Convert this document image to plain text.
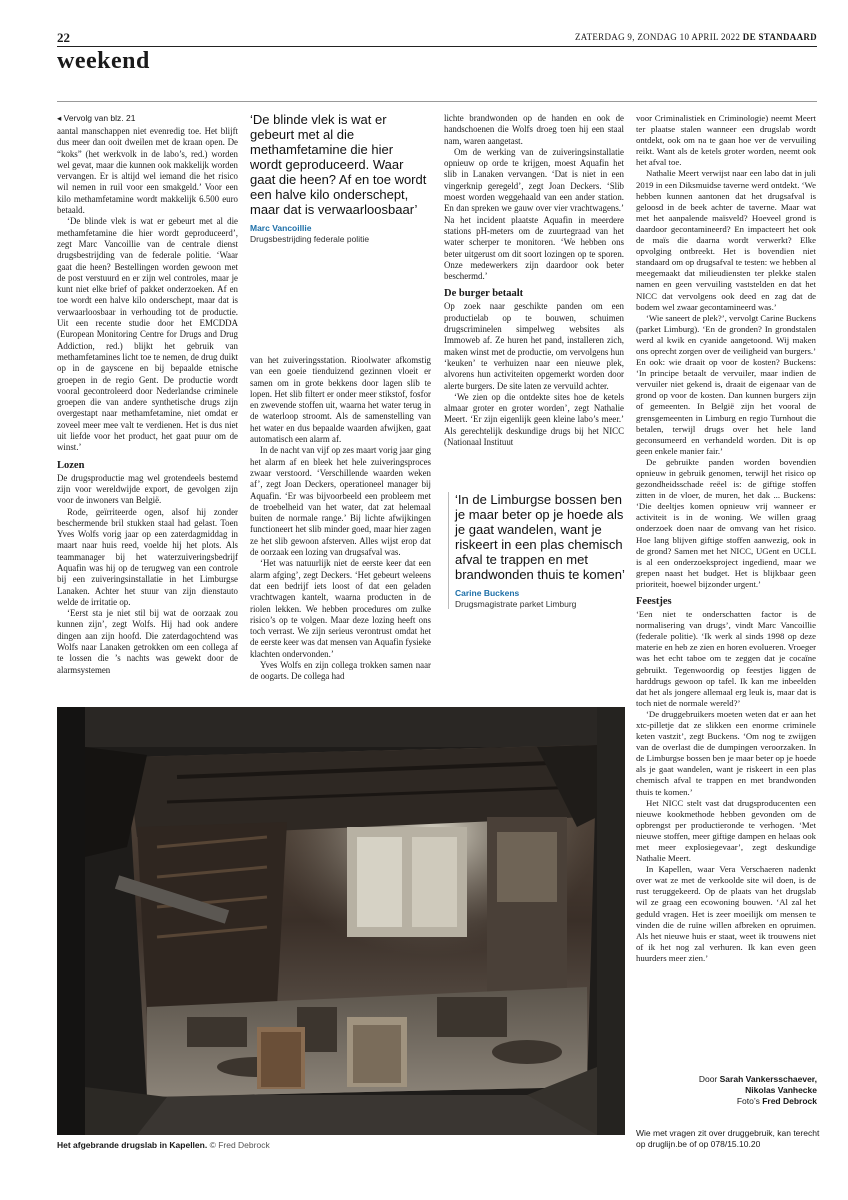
22	ZATERDAG 9, ZONDAG 10 APRIL 2022 DE STANDAARD
weekend

◂ Vervolg van blz. 21

aantal manschappen niet evenredig toe. Het blijft dus meer dan ooit dweilen met de kraan open. De “koks” (het werkvolk in de labo’s, red.) worden wel gevat, maar die kunnen ook makkelijk worden vervangen. Er is altijd wel iemand die het risico wil nemen in ruil voor een smakgeld.’ Voor een kilo methamfetamine wordt makkelijk 6.500 euro betaald.

‘De blinde vlek is wat er gebeurt met al die methamfetamine die hier wordt geproduceerd’, zegt Marc Vancoillie van de centrale dienst drugsbestrijding van de federale politie. ‘Waar gaat die heen? Bestellingen worden gewoon met de post verstuurd en er zijn wel controles, maar je kunt niet elke brief of pakket onderzoeken. Af en toe wordt een halve kilo onderschept, maar dat is verwaarloosbaar in verhouding tot de productie. Uit een recente studie door het EMCDDA (European Monitoring Centre for Drugs and Drug Addiction, red.) blijkt het gebruik van methamfetamines licht toe te nemen, de drug duikt op in de gayscene en bij bepaalde etnische groepen in de regio Gent. De productie wordt vooral gecontroleerd door Nederlandse criminele groepen die van andere synthetische drugs zijn overgestapt naar methamfetamine, niet omdat er zoveel meer mee valt te verdienen. Het is dus niet uit liefde voor het product, het gaat puur om de winst.’

Lozen

De drugsproductie mag wel grotendeels bestemd zijn voor wereldwijde export, de gevolgen zijn voor de inwoners van België.

Rode, geïrriteerde ogen, alsof hij zonder beschermende bril stukken staal had gelast. Toen Yves Wolfs vorig jaar op een zaterdagmiddag in maart naar huis reed, voelde hij het plots. Als teammanager bij het waterzuiveringsbedrijf Aquafin was hij op de terugweg van een controle bij een zuiveringsinstallatie in het Limburgse Lanaken. Achter het stuur van zijn dienstauto welde de irritatie op.

‘Eerst sta je niet stil bij wat de oorzaak zou kunnen zijn’, zegt Wolfs. Hij had ook andere dingen aan zijn hoofd. Die zaterdagochtend was Wolfs naar Lanaken getrokken om een collega af te lossen die ’s nachts was gewekt door de alarmsystemen

‘De blinde vlek is wat er gebeurt met al die methamfetamine die hier wordt geproduceerd. Waar gaat die heen? Af en toe wordt een halve kilo onderschept, maar dat is verwaarloosbaar’
Marc Vancoillie
Drugsbestrijding federale politie

van het zuiveringsstation. Rioolwater afkomstig van een goeie tienduizend gezinnen vloeit er samen om in grote bekkens door lagen slib te lopen. Het slib filtert er onder meer stikstof, fosfor en zwevende stoffen uit, waarna het water terug in de waterloop stroomt. Als de samenstelling van het water en dus bepaalde waarden afwijken, gaat automatisch een alarm af.

In de nacht van vijf op zes maart vorig jaar ging het alarm af en bleek het hele zuiveringsproces zwaar verstoord. ‘Verschillende waarden weken af’, zegt Joan Deckers, operationeel manager bij Aquafin. ‘Er was bijvoorbeeld een probleem met de troebelheid van het water, dat zat helemaal buiten de normale range.’ Bij lichte afwijkingen functioneert het slib minder goed, maar hier zagen ze het slib gewoon afsterven. Alles wijst erop dat de oorzaak een lozing van drugsafval was.

‘Het was natuurlijk niet de eerste keer dat een alarm afging’, zegt Deckers. ‘Het gebeurt weleens dat een bedrijf iets loost of dat een geladen vrachtwagen kantelt, waarna producten in de riolen lekken. We hebben procedures om zulke risico’s op te volgen. Maar deze lozing heeft ons toch verrast. We zijn serieus verontrust omdat het de eerste keer was dat mensen van Aquafin fysieke klachten ondervonden.’

Yves Wolfs en zijn collega trokken samen naar de oogarts. De collega had

lichte brandwonden op de handen en ook de handschoenen die Wolfs droeg toen hij een staal nam, waren aangetast.

Om de werking van de zuiveringsinstallatie opnieuw op orde te krijgen, moest Aquafin het slib in Lanaken vervangen. ‘Dat is niet in een vingerknip geregeld’, zegt Joan Deckers. ‘Slib moest worden weggehaald van een ander station. En dan spreken we gauw over vier vrachtwagens.’ Na het incident plaatste Aquafin in meerdere stations pH-meters om de zuurtegraad van het water scherper te monitoren. ‘We hebben ons beter uitgerust om dit soort lozingen op te sporen. Onze medewerkers zijn daardoor ook beter beschermd.’

De burger betaalt

Op zoek naar geschikte panden om een productielab op te bouwen, schuimen drugscriminelen simpelweg websites als Immoweb af. Ze huren het pand, installeren zich, maken winst met de productie, om vervolgens hun ‘keuken’ te verhuizen naar een nieuwe plek, alvorens hun activiteiten opgemerkt worden door alerte burgers. De site laten ze vervuild achter.

‘We zien op die ontdekte sites hoe de ketels almaar groter en groter worden’, zegt Nathalie Meert. ‘Er zijn eigenlijk geen kleine labo’s meer.’ Als gerechtelijk deskundige drugs bij het NICC (Nationaal Instituut

‘In de Limburgse bossen ben je maar beter op je hoede als je gaat wandelen, want je riskeert in een plas chemisch afval te trappen en met brandwonden thuis te komen’
Carine Buckens
Drugsmagistrate parket Limburg

voor Criminalistiek en Criminologie) neemt Meert ter plaatse stalen wanneer een drugslab wordt ontdekt, ook om na te gaan hoe ver de vervuiling reikt. Want als de ketels groter worden, neemt ook het afval toe.

Nathalie Meert verwijst naar een labo dat in juli 2019 in een Diksmuidse taverne werd ontdekt. ‘We hebben kunnen aantonen dat het drugsafval is geloosd in de beek achter de taverne. Maar wat met het aanpalende maïsveld? Hoeveel grond is daardoor gecontamineerd? En impacteert het ook de maïs die daarna wordt verwerkt? Elke opvolging ontbreekt. Het is bovendien niet standaard om op drugsafval te testen: we hebben al meegemaakt dat milieudiensten ter plekke stalen namen en geen vervuiling vaststelden en dat het NICC dat vervolgens ook deed en zag dat de bodem wel zwaar gecontamineerd was.’

‘Wie saneert de plek?’, vervolgt Carine Buckens (parket Limburg). ‘En de gronden? In grondstalen werd al kwik en cyanide aangetoond. Wij maken ons oprecht zorgen over de veiligheid van burgers.’ En ook: wie draait op voor de kosten? Buckens: ‘In principe betaalt de vervuiler, maar indien de vervuiler niet gekend is, draait de eigenaar van de grond op voor de kosten. Dan kunnen burgers zijn of gemeenten. In België zijn het vooral de grensgemeenten in Limburg en regio Turnhout die betalen, terwijl drugs over het hele land geconsumeerd en verhandeld worden. Dit is op geen enkele manier fair.’

De gebruikte panden worden bovendien opnieuw in gebruik genomen, terwijl het risico op gezondheidsschade reëel is: de giftige stoffen zitten in de vloer, de muren, het dak ... Buckens: ‘Die deeltjes komen opnieuw vrij wanneer er activiteit is in de woning. We willen graag onderzoek doen naar de omvang van het risico. Hoe lang blijven giftige stoffen aanwezig, ook in de grond? Samen met het NICC, UGent en UCLL is al een onderzoeksproject ingediend, maar we grepen naast het budget. Het is blijkbaar geen prioriteit, hoewel bijzonder urgent.’

Feestjes

‘Een niet te onderschatten factor is de normalisering van drugs’, vindt Marc Vancoillie (federale politie). ‘Ik werk al sinds 1998 op deze materie en heb ze zien en horen evolueren. Vroeger was het echt taboe om te zeggen dat je cocaïne gebruikt. Tegenwoordig op feestjes liggen de harddrugs gewoon op tafel. Ik kan me inbeelden dat het als jongere allemaal erg leuk is, maar dat is toch niet de normale wereld?’

‘De druggebruikers moeten weten dat er aan het xtc-pilletje dat ze slikken een enorme criminele keten vastzit’, zegt Buckens. ‘Om nog te zwijgen van de overlast die de dumpingen veroorzaken. In de Limburgse bossen ben je maar beter op je hoede als je gaat wandelen, want je riskeert in een plas chemisch afval te trappen en met brandwonden thuis te komen.’

Het NICC stelt vast dat drugsproducenten een nieuwe kookmethode hebben gevonden om de opbrengst per productieronde te verhogen. ‘Met nieuwe stoffen, meer giftige dampen en helaas ook met meer explosiegevaar’, zegt deskundige Nathalie Meert.

In Kapellen, waar Vera Verschaeren nadenkt over wat ze met de verkoolde site wil doen, is de rust teruggekeerd. Op de plaats van het drugslab wil ze graag een ecowoning bouwen. ‘Al zal het geduld vragen. Het is zeer moeilijk om mensen te vinden die de ruïne willen afbreken en opruimen. Als het nieuwe huis er staat, weet ik trouwens niet of ik het nog zal verhuren. Ik kan even geen huurders meer zien.’

Door Sarah Vankersschaever,
Nikolas Vanhecke
Foto’s Fred Debrock
Wie met vragen zit over druggebruik, kan terecht op druglijn.be of op 078/15.10.20
Het afgebrande drugslab in Kapellen. © Fred Debrock
